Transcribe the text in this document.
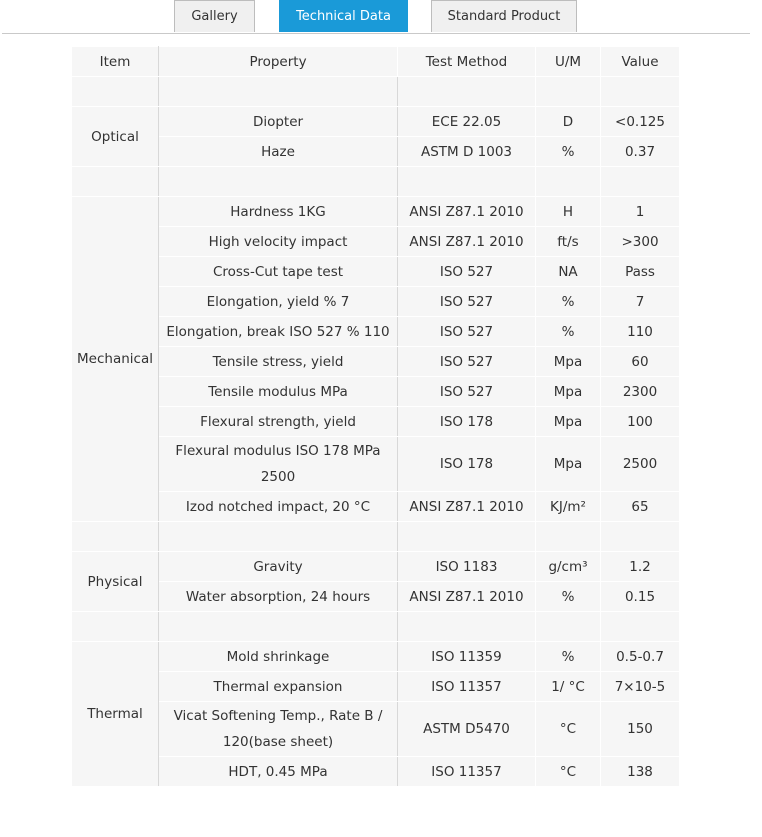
Gallery	Technical Data	Standard Product
Item	Property	Test Method	U/M	Value

Optical	Diopter	ECE 22.05	D	<0.125
	Haze	ASTM D 1003	%	0.37

Mechanical	Hardness 1KG	ANSI Z87.1 2010	H	1
	High velocity impact	ANSI Z87.1 2010	ft/s	>300
	Cross-Cut tape test	ISO 527	NA	Pass
	Elongation, yield % 7	ISO 527	%	7
	Elongation, break ISO 527 % 110	ISO 527	%	110
	Tensile stress, yield	ISO 527	Mpa	60
	Tensile modulus MPa	ISO 527	Mpa	2300
	Flexural strength, yield	ISO 178	Mpa	100
	Flexural modulus ISO 178 MPa 2500	ISO 178	Mpa	2500
	Izod notched impact, 20 °C	ANSI Z87.1 2010	KJ/m²	65

Physical	Gravity	ISO 1183	g/cm³	1.2
	Water absorption, 24 hours	ANSI Z87.1 2010	%	0.15

Thermal	Mold shrinkage	ISO 11359	%	0.5-0.7
	Thermal expansion	ISO 11357	1/ °C	7×10-5
	Vicat Softening Temp., Rate B / 120(base sheet)	ASTM D5470	°C	150
	HDT, 0.45 MPa	ISO 11357	°C	138
